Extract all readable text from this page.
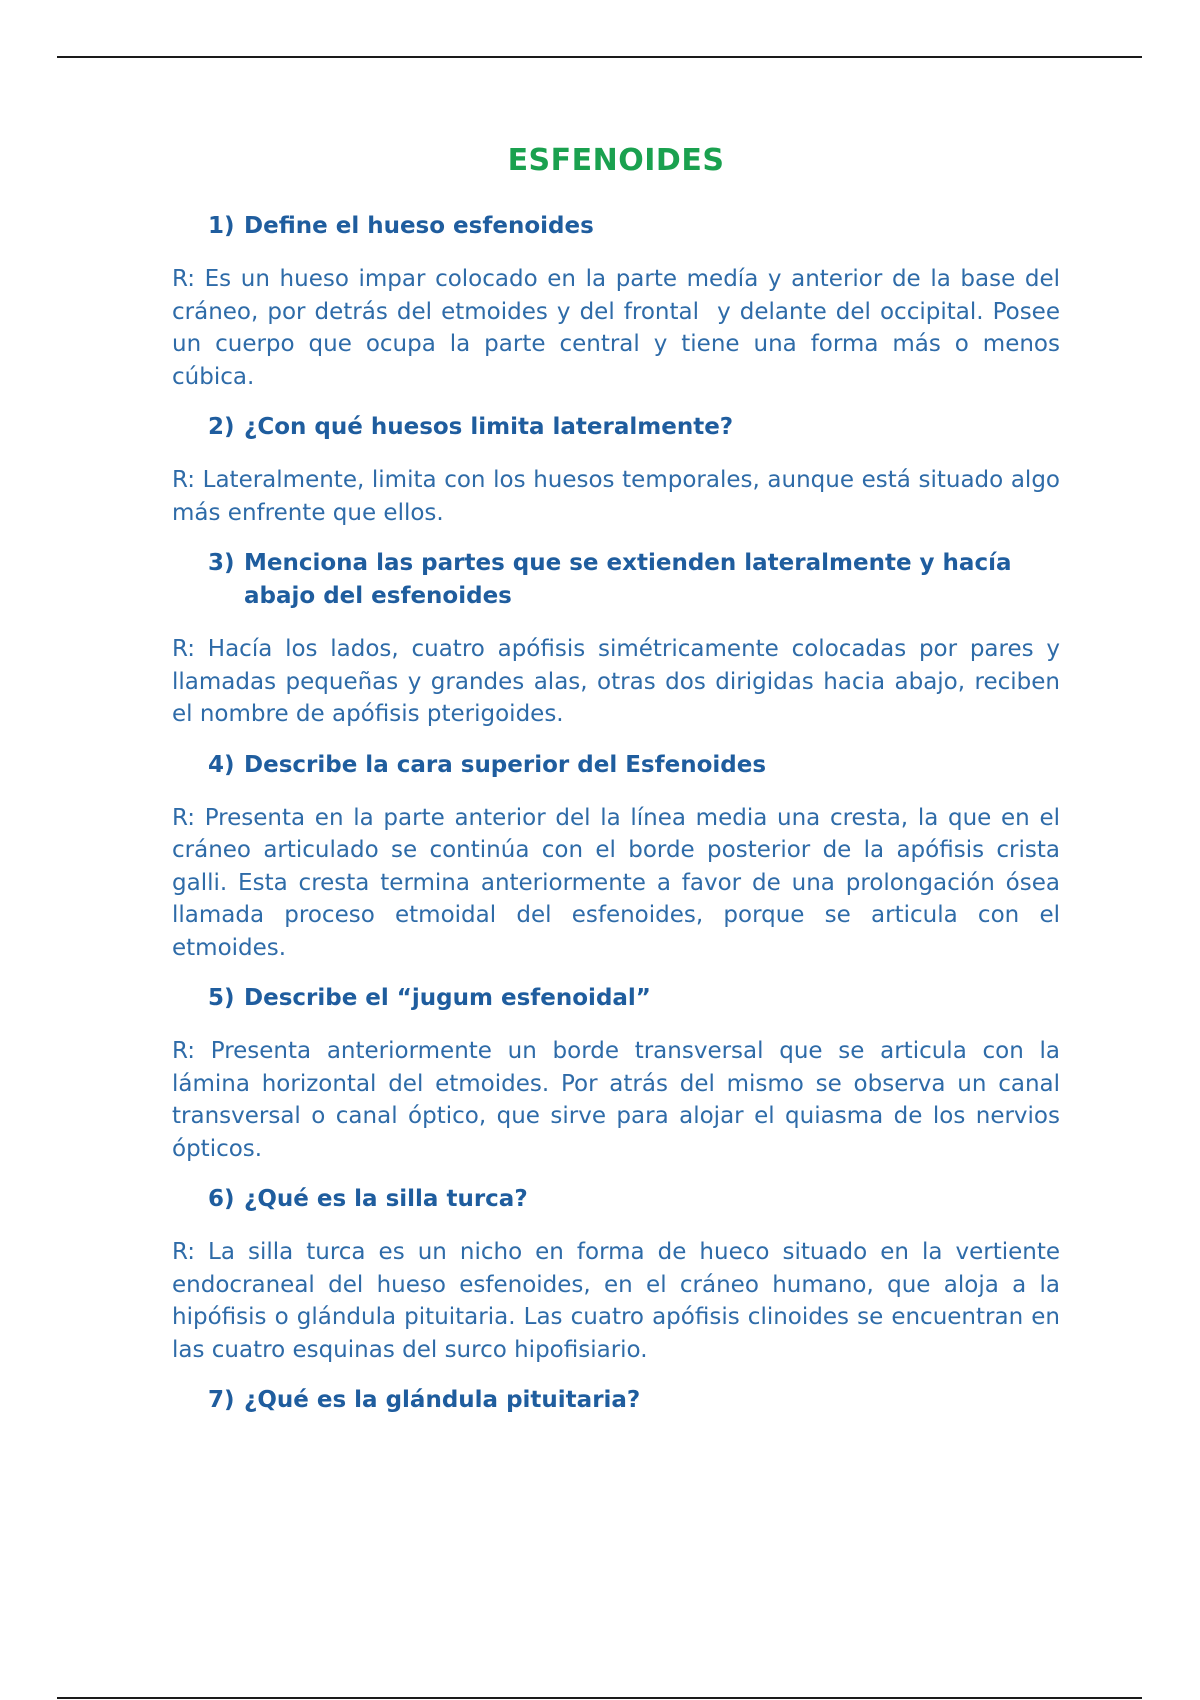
ESFENOIDES
1) Define el hueso esfenoides

R: Es un hueso impar colocado en la parte medía y anterior de la base del cráneo, por detrás del etmoides y del frontal  y delante del occipital. Posee un cuerpo que ocupa la parte central y tiene una forma más o menos cúbica.

2) ¿Con qué huesos limita lateralmente?

R: Lateralmente, limita con los huesos temporales, aunque está situado algo más enfrente que ellos.

3) Menciona las partes que se extienden lateralmente y hacía abajo del esfenoides

R: Hacía los lados, cuatro apófisis simétricamente colocadas por pares y llamadas pequeñas y grandes alas, otras dos dirigidas hacia abajo, reciben el nombre de apófisis pterigoides.

4) Describe la cara superior del Esfenoides

R: Presenta en la parte anterior del la línea media una cresta, la que en el cráneo articulado se continúa con el borde posterior de la apófisis crista galli. Esta cresta termina anteriormente a favor de una prolongación ósea llamada proceso etmoidal del esfenoides, porque se articula con el etmoides.

5) Describe el “jugum esfenoidal”

R: Presenta anteriormente un borde transversal que se articula con la lámina horizontal del etmoides. Por atrás del mismo se observa un canal transversal o canal óptico, que sirve para alojar el quiasma de los nervios ópticos.

6) ¿Qué es la silla turca?

R: La silla turca es un nicho en forma de hueco situado en la vertiente endocraneal del hueso esfenoides, en el cráneo humano, que aloja a la hipófisis o glándula pituitaria. Las cuatro apófisis clinoides se encuentran en las cuatro esquinas del surco hipofisiario.

7) ¿Qué es la glándula pituitaria?
